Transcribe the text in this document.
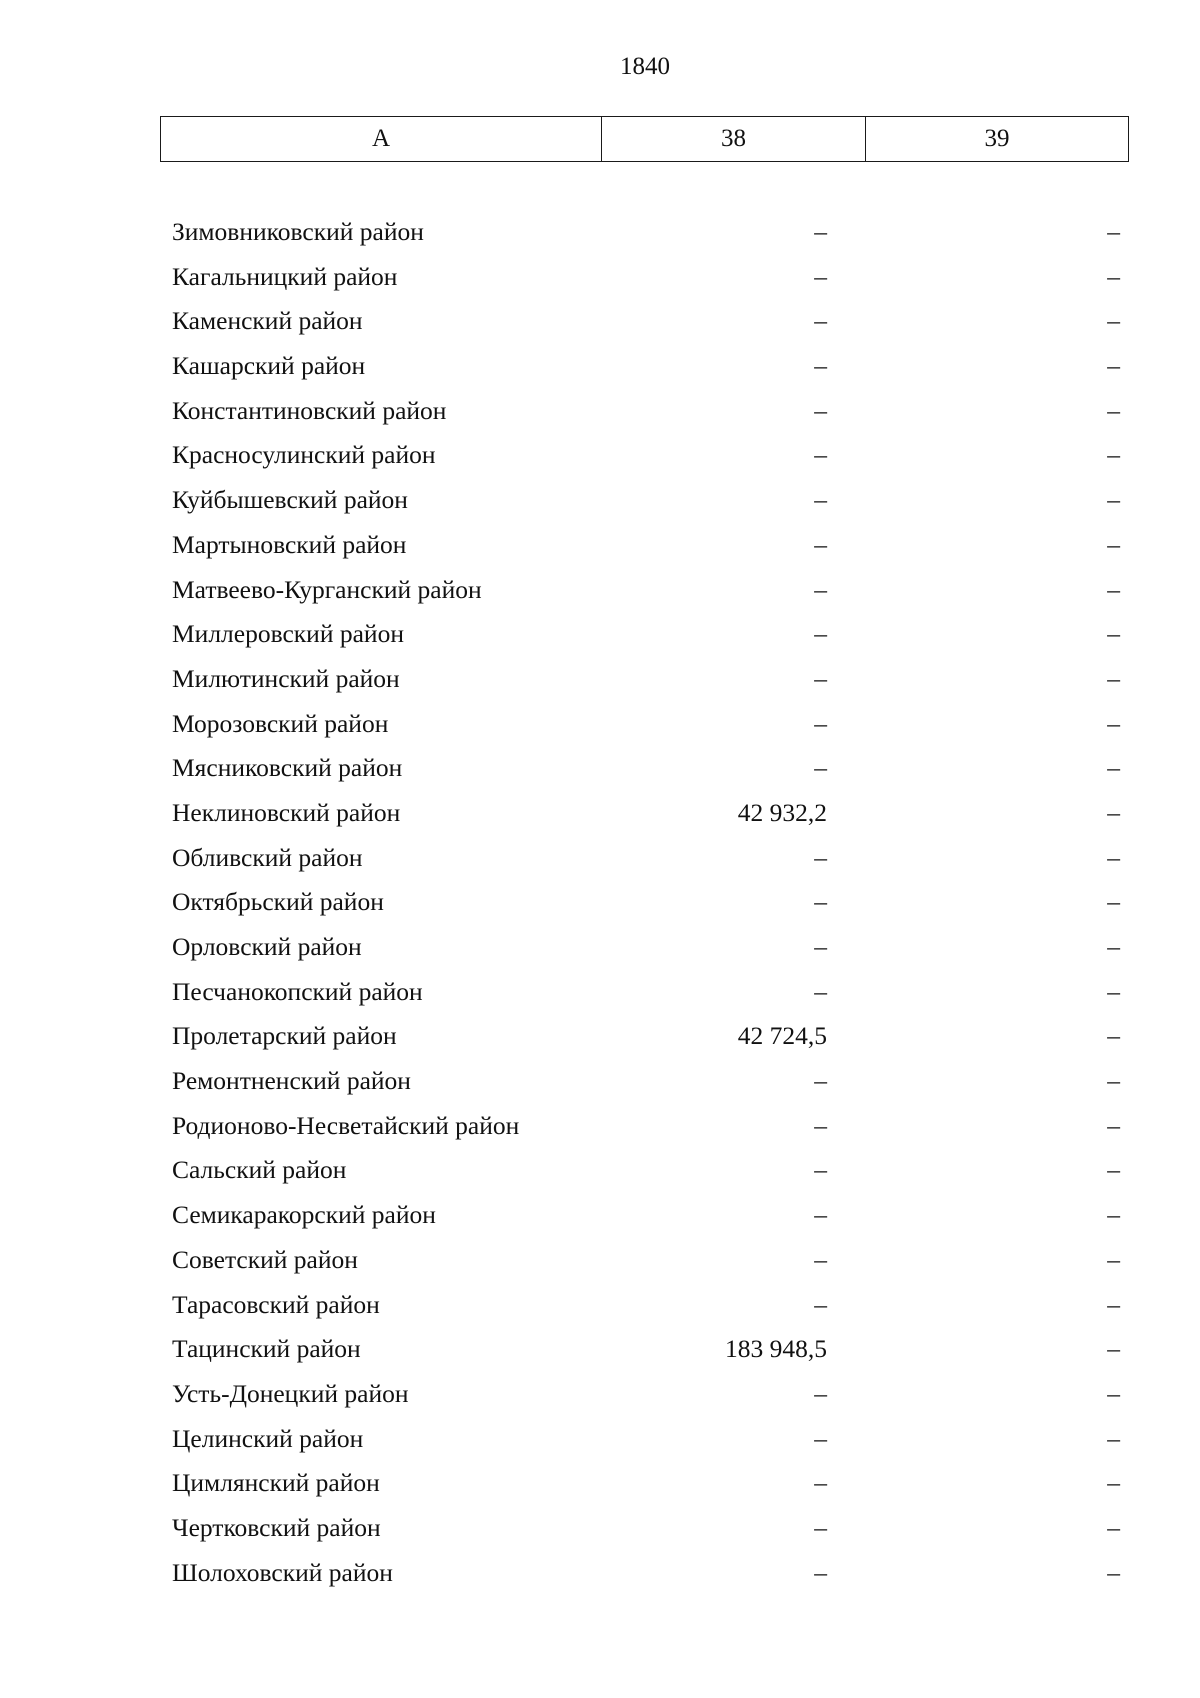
1840
А	38	39
Зимовниковский район	–	–
Кагальницкий район	–	–
Каменский район	–	–
Кашарский район	–	–
Константиновский район	–	–
Красносулинский район	–	–
Куйбышевский район	–	–
Мартыновский район	–	–
Матвеево-Курганский район	–	–
Миллеровский район	–	–
Милютинский район	–	–
Морозовский район	–	–
Мясниковский район	–	–
Неклиновский район	42 932,2	–
Обливский район	–	–
Октябрьский район	–	–
Орловский район	–	–
Песчанокопский район	–	–
Пролетарский район	42 724,5	–
Ремонтненский район	–	–
Родионово-Несветайский район	–	–
Сальский район	–	–
Семикаракорский район	–	–
Советский район	–	–
Тарасовский район	–	–
Тацинский район	183 948,5	–
Усть-Донецкий район	–	–
Целинский район	–	–
Цимлянский район	–	–
Чертковский район	–	–
Шолоховский район	–	–
